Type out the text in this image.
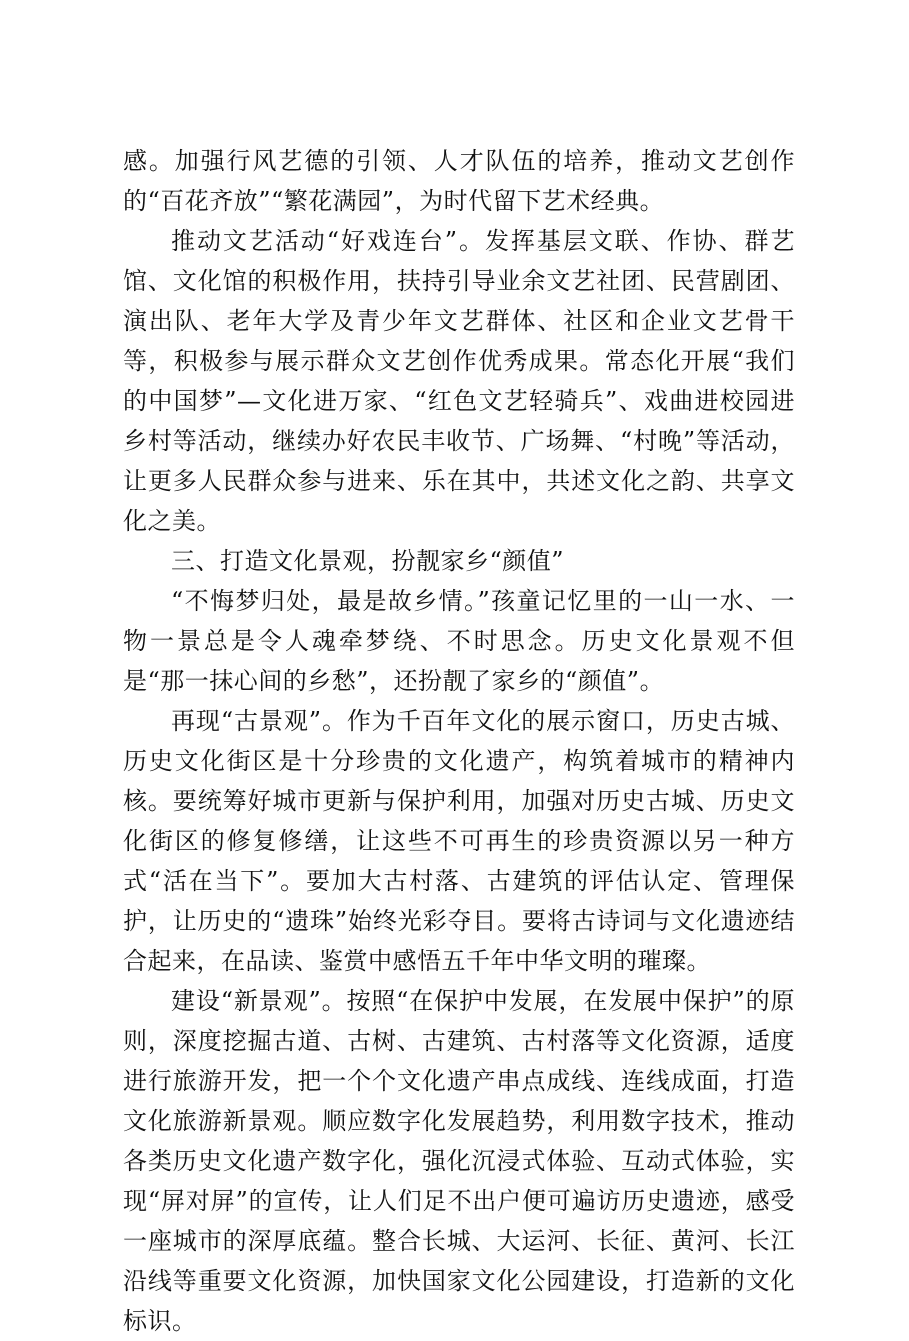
感。加强行风艺德的引领、人才队伍的培养，推动文艺创作的“百花齐放”“繁花满园”，为时代留下艺术经典。

推动文艺活动“好戏连台”。发挥基层文联、作协、群艺馆、文化馆的积极作用，扶持引导业余文艺社团、民营剧团、演出队、老年大学及青少年文艺群体、社区和企业文艺骨干等，积极参与展示群众文艺创作优秀成果。常态化开展“我们的中国梦”—文化进万家、“红色文艺轻骑兵”、戏曲进校园进乡村等活动，继续办好农民丰收节、广场舞、“村晚”等活动，让更多人民群众参与进来、乐在其中，共述文化之韵、共享文化之美。

三、打造文化景观，扮靓家乡“颜值”

“不悔梦归处，最是故乡情。”孩童记忆里的一山一水、一物一景总是令人魂牵梦绕、不时思念。历史文化景观不但是“那一抹心间的乡愁”，还扮靓了家乡的“颜值”。

再现“古景观”。作为千百年文化的展示窗口，历史古城、历史文化街区是十分珍贵的文化遗产，构筑着城市的精神内核。要统筹好城市更新与保护利用，加强对历史古城、历史文化街区的修复修缮，让这些不可再生的珍贵资源以另一种方式“活在当下”。要加大古村落、古建筑的评估认定、管理保护，让历史的“遗珠”始终光彩夺目。要将古诗词与文化遗迹结合起来，在品读、鉴赏中感悟五千年中华文明的璀璨。

建设“新景观”。按照“在保护中发展，在发展中保护”的原则，深度挖掘古道、古树、古建筑、古村落等文化资源，适度进行旅游开发，把一个个文化遗产串点成线、连线成面，打造文化旅游新景观。顺应数字化发展趋势，利用数字技术，推动各类历史文化遗产数字化，强化沉浸式体验、互动式体验，实现“屏对屏”的宣传，让人们足不出户便可遍访历史遗迹，感受一座城市的深厚底蕴。整合长城、大运河、长征、黄河、长江沿线等重要文化资源，加快国家文化公园建设，打造新的文化标识。
